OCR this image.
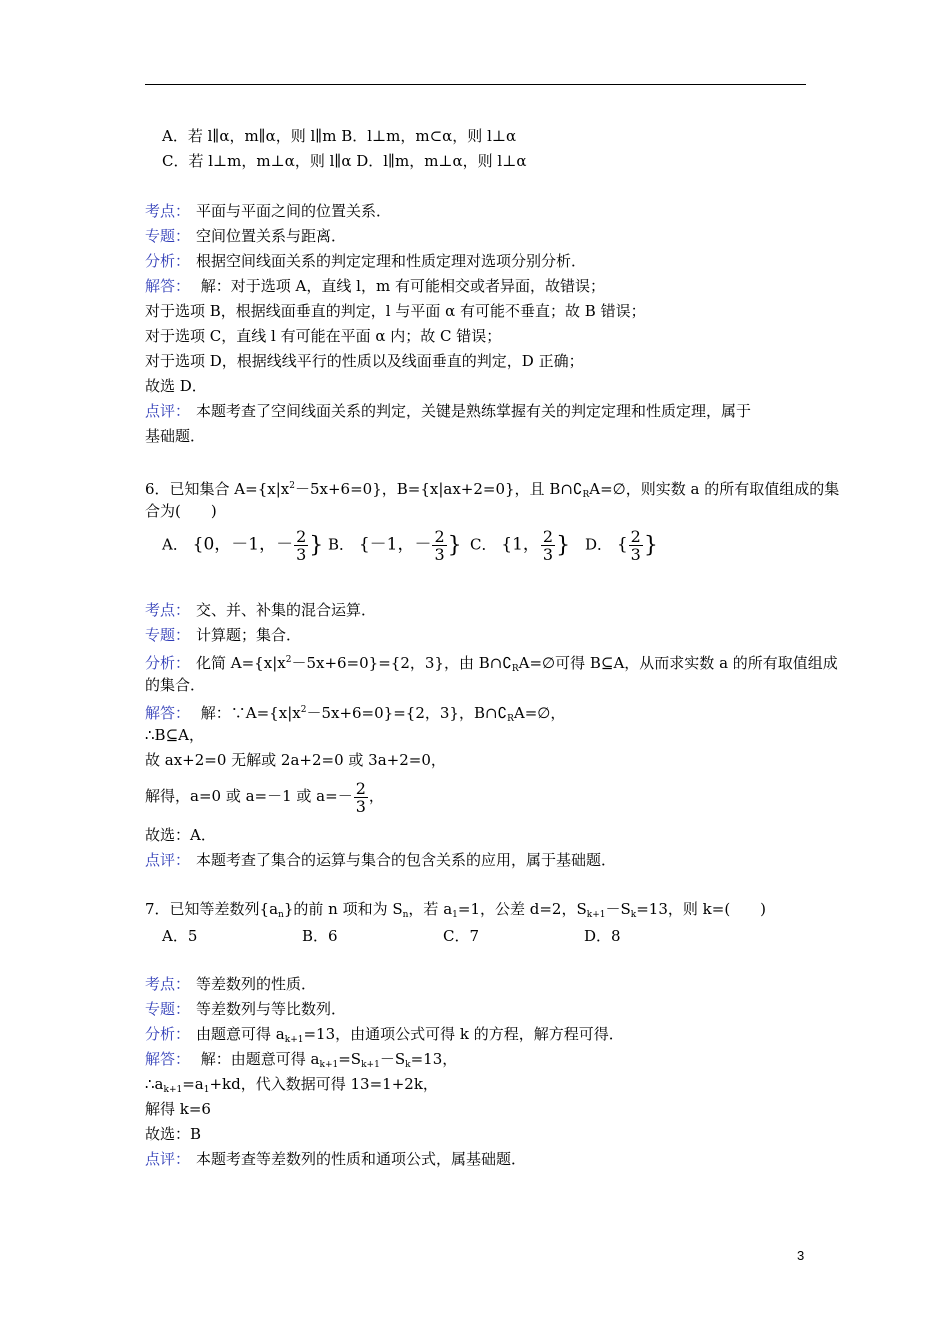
A．若 l∥α，m∥α，则 l∥m B．l⊥m，m⊂α，则 l⊥α
C．若 l⊥m，m⊥α，则 l∥α D．l∥m，m⊥α，则 l⊥α
考点： 平面与平面之间的位置关系．
专题： 空间位置关系与距离．
分析： 根据空间线面关系的判定定理和性质定理对选项分别分析．
解答： 解：对于选项 A，直线 l，m 有可能相交或者异面，故错误；
对于选项 B，根据线面垂直的判定，l 与平面 α 有可能不垂直；故 B 错误；
对于选项 C，直线 l 有可能在平面 α 内；故 C 错误；
对于选项 D，根据线线平行的性质以及线面垂直的判定，D 正确；
故选 D．
点评： 本题考查了空间线面关系的判定，关键是熟练掌握有关的判定定理和性质定理，属于
基础题．
6．已知集合 $A=\{x|x^2-5x+6=0\}$，B={x|ax+2=0}，且 $B\cap∁_RA=\emptyset$，则实数 a 的所有取值组成的集
合为(　　)
A． {0，－1，－ $\frac{2}{3}$ } B． {－1，－ $\frac{2}{3}$ } C． {1， $\frac{2}{3}$ } D． { $\frac{2}{3}$ }
考点： 交、并、补集的混合运算．
专题： 计算题；集合．
分析： 化简 $A=\{x|x^2-5x+6=0\}=\{2$，3}，由 $B\cap∁_RA=\emptyset$可得 B⊆A，从而求实数 a 的所有取值组成
的集合．
解答： 解：$\because A=\{x|x^2-5x+6=0\}=\{2$，3}，$B\cap∁_RA=\emptyset$，
∴B⊆A，
故 ax+2=0 无解或 2a+2=0 或 3a+2=0，
解得，a=0 或 a=－1 或 $a=- \frac{2}{3}$ ，
故选：A．
点评： 本题考查了集合的运算与集合的包含关系的应用，属于基础题．
7．已知等差数列$\{a_n\}$的前 n 项和为 $S_n$，若 $a_1=1$，公差 d=2，$S_{k+1}-S_k=13$，则 k=(　　)
A．5	B．6	C．7	D．8
考点： 等差数列的性质．
专题： 等差数列与等比数列．
分析： 由题意可得 $a_{k+1}=13$，由通项公式可得 k 的方程，解方程可得．
解答： 解：由题意可得 $a_{k+1}=S_{k+1}-S_k=13$，
$\therefore a_{k+1}=a_1+kd$，代入数据可得 13=1+2k，
解得 k=6
故选：B
点评： 本题考查等差数列的性质和通项公式，属基础题．
3
